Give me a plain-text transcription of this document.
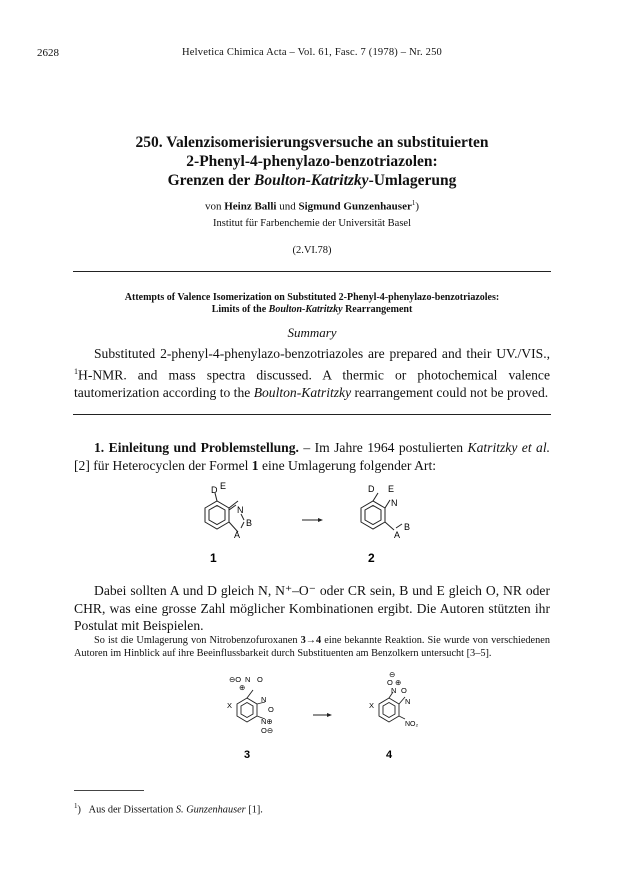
2628	Helvetica Chimica Acta – Vol. 61, Fasc. 7 (1978) – Nr. 250
250. Valenzisomerisierungsversuche an substituierten
2-Phenyl-4-phenylazo-benzotriazolen:
Grenzen der Boulton-Katritzky-Umlagerung
von Heinz Balli und Sigmund Gunzenhauser$^1$)
Institut für Farbenchemie der Universität Basel
(2.VI.78)
Attempts of Valence Isomerization on Substituted 2-Phenyl-4-phenylazo-benzotriazoles:
Limits of the Boulton-Katritzky Rearrangement
Summary
Substituted 2-phenyl-4-phenylazo-benzotriazoles are prepared and their UV./VIS., $^1$H-NMR. and mass spectra discussed. A thermic or photochemical valence tautomerization according to the Boulton-Katritzky rearrangement could not be proved.
1. Einleitung und Problemstellung. – Im Jahre 1964 postulierten Katritzky et al. [2] für Heterocyclen der Formel 1 eine Umlagerung folgender Art:
D E
N
B
A
1
D E
N
A
B
2
Dabei sollten A und D gleich N, N⁺–O⁻ oder CR sein, B und E gleich O, NR oder CHR, was eine grosse Zahl möglicher Kombinationen ergibt. Die Autoren stützten ihr Postulat mit Beispielen.
So ist die Umlagerung von Nitrobenzofuroxanen 3→4 eine bekannte Reaktion. Sie wurde von verschiedenen Autoren im Hinblick auf ihre Beeinflussbarkeit durch Substituenten am Benzolkern untersucht [3–5].
⊖O N
⊕
O
X
N
O
N⊕
O⊖
3
⊖
O ⊕
N O
X	N
NO₂
4
$^1$) Aus der Dissertation S. Gunzenhauser [1].
